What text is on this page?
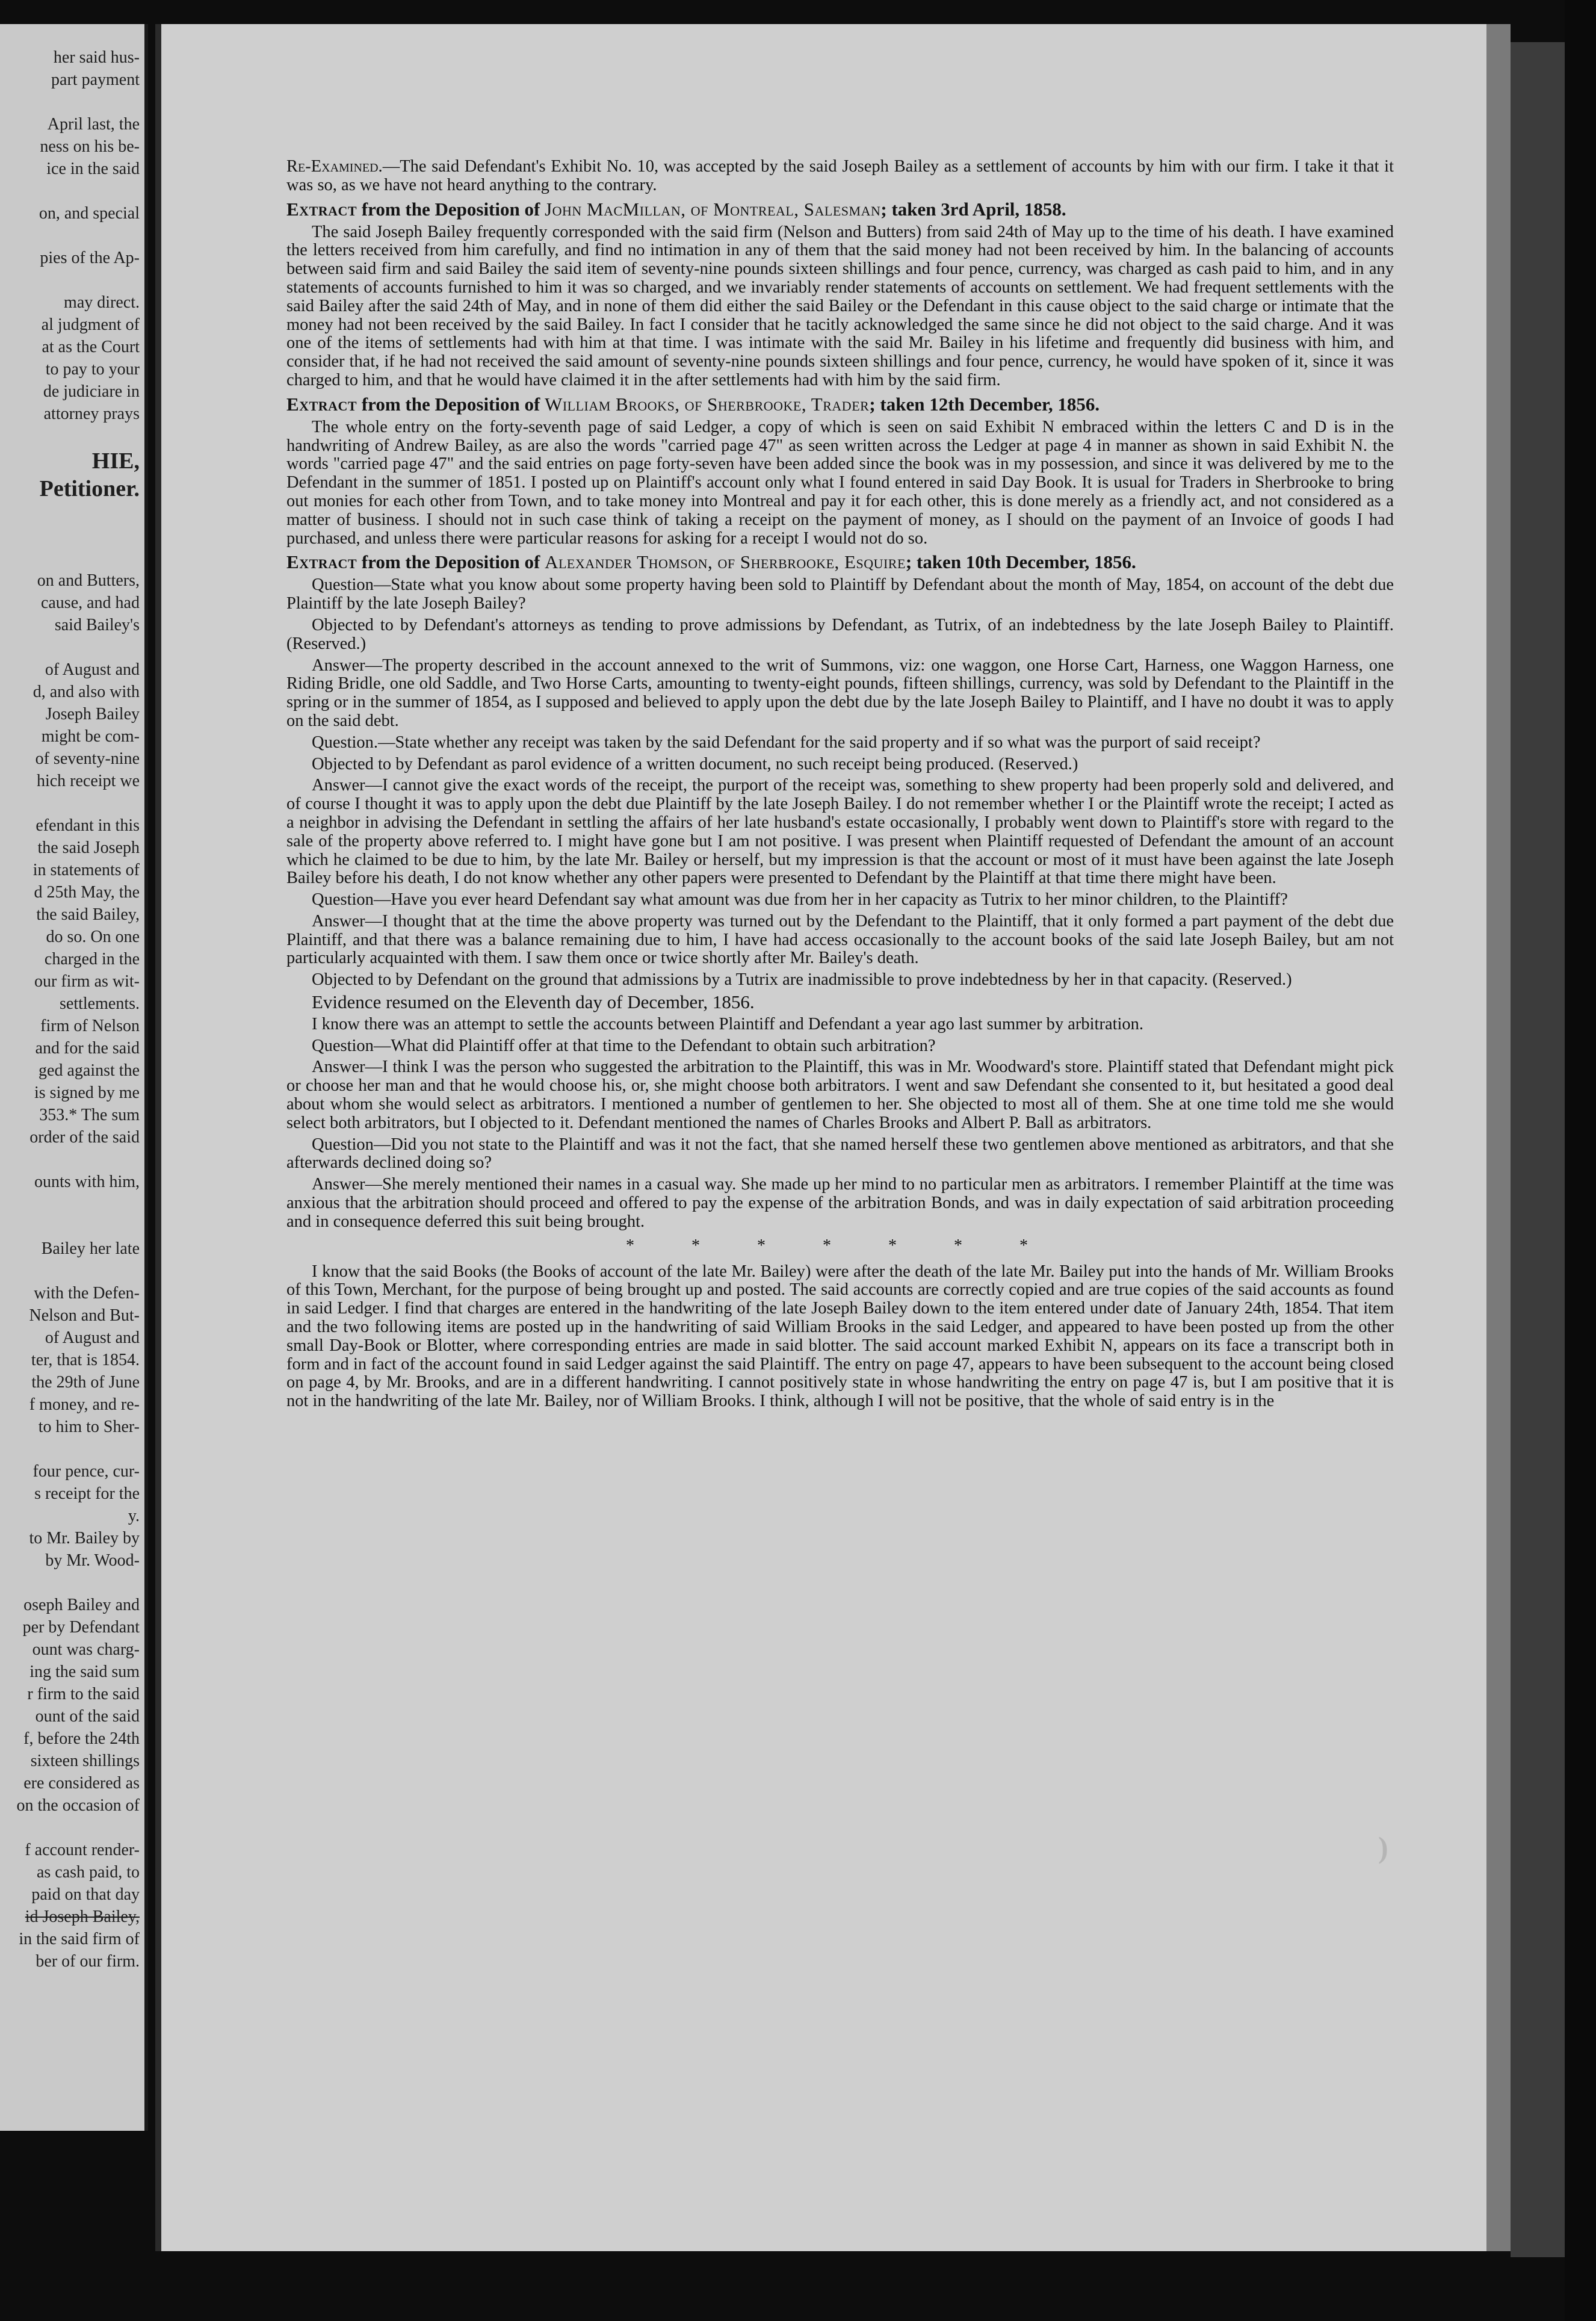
her said hus-
part payment
April last, the
ness on his be-
ice in the said
on, and special
pies of the Ap-
may direct.
al judgment of
at as the Court
to pay to your
de judiciare in
attorney prays
HIE,
Petitioner.
on and Butters,
cause, and had
said Bailey's
of August and
d, and also with
Joseph Bailey
might be com-
of seventy-nine
hich receipt we
efendant in this
the said Joseph
in statements of
d 25th May, the
the said Bailey,
do so. On one
charged in the
our firm as wit-
settlements.
firm of Nelson
and for the said
ged against the
is signed by me
353.* The sum
order of the said
ounts with him,
Bailey her late
with the Defen-
Nelson and But-
of August and
ter, that is 1854.
the 29th of June
f money, and re-
to him to Sher-
four pence, cur-
s receipt for the
y.
to Mr. Bailey by
by Mr. Wood-
oseph Bailey and
per by Defendant
ount was charg-
ing the said sum
r firm to the said
ount of the said
f, before the 24th
sixteen shillings
ere considered as
on the occasion of
f account render-
as cash paid, to
paid on that day
id Joseph Bailey,
in the said firm of
ber of our firm.

Re-Examined.—The said Defendant's Exhibit No. 10, was accepted by the said Joseph Bailey as a settlement of accounts by him with our firm. I take it that it was so, as we have not heard anything to the contrary.

Extract from the Deposition of John MacMillan, of Montreal, Salesman; taken 3rd April, 1858.

The said Joseph Bailey frequently corresponded with the said firm (Nelson and Butters) from said 24th of May up to the time of his death. I have examined the letters received from him carefully, and find no intimation in any of them that the said money had not been received by him. In the balancing of accounts between said firm and said Bailey the said item of seventy-nine pounds sixteen shillings and four pence, currency, was charged as cash paid to him, and in any statements of accounts furnished to him it was so charged, and we invariably render statements of accounts on settlement. We had frequent settlements with the said Bailey after the said 24th of May, and in none of them did either the said Bailey or the Defendant in this cause object to the said charge or intimate that the money had not been received by the said Bailey. In fact I consider that he tacitly acknowledged the same since he did not object to the said charge. And it was one of the items of settlements had with him at that time. I was intimate with the said Mr. Bailey in his lifetime and frequently did business with him, and consider that, if he had not received the said amount of seventy-nine pounds sixteen shillings and four pence, currency, he would have spoken of it, since it was charged to him, and that he would have claimed it in the after settlements had with him by the said firm.

Extract from the Deposition of William Brooks, of Sherbrooke, Trader; taken 12th December, 1856.

The whole entry on the forty-seventh page of said Ledger, a copy of which is seen on said Exhibit N embraced within the letters C and D is in the handwriting of Andrew Bailey, as are also the words "carried page 47" as seen written across the Ledger at page 4 in manner as shown in said Exhibit N. the words "carried page 47" and the said entries on page forty-seven have been added since the book was in my possession, and since it was delivered by me to the Defendant in the summer of 1851. I posted up on Plaintiff's account only what I found entered in said Day Book. It is usual for Traders in Sherbrooke to bring out monies for each other from Town, and to take money into Montreal and pay it for each other, this is done merely as a friendly act, and not considered as a matter of business. I should not in such case think of taking a receipt on the payment of money, as I should on the payment of an Invoice of goods I had purchased, and unless there were particular reasons for asking for a receipt I would not do so.

Extract from the Deposition of Alexander Thomson, of Sherbrooke, Esquire; taken 10th December, 1856.

Question—State what you know about some property having been sold to Plaintiff by Defendant about the month of May, 1854, on account of the debt due Plaintiff by the late Joseph Bailey?

Objected to by Defendant's attorneys as tending to prove admissions by Defendant, as Tutrix, of an indebtedness by the late Joseph Bailey to Plaintiff. (Reserved.)

Answer—The property described in the account annexed to the writ of Summons, viz: one waggon, one Horse Cart, Harness, one Waggon Harness, one Riding Bridle, one old Saddle, and Two Horse Carts, amounting to twenty-eight pounds, fifteen shillings, currency, was sold by Defendant to the Plaintiff in the spring or in the summer of 1854, as I supposed and believed to apply upon the debt due by the late Joseph Bailey to Plaintiff, and I have no doubt it was to apply on the said debt.

Question.—State whether any receipt was taken by the said Defendant for the said property and if so what was the purport of said receipt?

Objected to by Defendant as parol evidence of a written document, no such receipt being produced. (Reserved.)

Answer—I cannot give the exact words of the receipt, the purport of the receipt was, something to shew property had been properly sold and delivered, and of course I thought it was to apply upon the debt due Plaintiff by the late Joseph Bailey. I do not remember whether I or the Plaintiff wrote the receipt; I acted as a neighbor in advising the Defendant in settling the affairs of her late husband's estate occasionally, I probably went down to Plaintiff's store with regard to the sale of the property above referred to. I might have gone but I am not positive. I was present when Plaintiff requested of Defendant the amount of an account which he claimed to be due to him, by the late Mr. Bailey or herself, but my impression is that the account or most of it must have been against the late Joseph Bailey before his death, I do not know whether any other papers were presented to Defendant by the Plaintiff at that time there might have been.

Question—Have you ever heard Defendant say what amount was due from her in her capacity as Tutrix to her minor children, to the Plaintiff?

Answer—I thought that at the time the above property was turned out by the Defendant to the Plaintiff, that it only formed a part payment of the debt due Plaintiff, and that there was a balance remaining due to him, I have had access occasionally to the account books of the said late Joseph Bailey, but am not particularly acquainted with them. I saw them once or twice shortly after Mr. Bailey's death.

Objected to by Defendant on the ground that admissions by a Tutrix are inadmissible to prove indebtedness by her in that capacity. (Reserved.)

Evidence resumed on the Eleventh day of December, 1856.

I know there was an attempt to settle the accounts between Plaintiff and Defendant a year ago last summer by arbitration.

Question—What did Plaintiff offer at that time to the Defendant to obtain such arbitration?

Answer—I think I was the person who suggested the arbitration to the Plaintiff, this was in Mr. Woodward's store. Plaintiff stated that Defendant might pick or choose her man and that he would choose his, or, she might choose both arbitrators. I went and saw Defendant she consented to it, but hesitated a good deal about whom she would select as arbitrators. I mentioned a number of gentlemen to her. She objected to most all of them. She at one time told me she would select both arbitrators, but I objected to it. Defendant mentioned the names of Charles Brooks and Albert P. Ball as arbitrators.

Question—Did you not state to the Plaintiff and was it not the fact, that she named herself these two gentlemen above mentioned as arbitrators, and that she afterwards declined doing so?

Answer—She merely mentioned their names in a casual way. She made up her mind to no particular men as arbitrators. I remember Plaintiff at the time was anxious that the arbitration should proceed and offered to pay the expense of the arbitration Bonds, and was in daily expectation of said arbitration proceeding and in consequence deferred this suit being brought.

* * * * * * *

I know that the said Books (the Books of account of the late Mr. Bailey) were after the death of the late Mr. Bailey put into the hands of Mr. William Brooks of this Town, Merchant, for the purpose of being brought up and posted. The said accounts are correctly copied and are true copies of the said accounts as found in said Ledger. I find that charges are entered in the handwriting of the late Joseph Bailey down to the item entered under date of January 24th, 1854. That item and the two following items are posted up in the handwriting of said William Brooks in the said Ledger, and appeared to have been posted up from the other small Day-Book or Blotter, where corresponding entries are made in said blotter. The said account marked Exhibit N, appears on its face a transcript both in form and in fact of the account found in said Ledger against the said Plaintiff. The entry on page 47, appears to have been subsequent to the account being closed on page 4, by Mr. Brooks, and are in a different handwriting. I cannot positively state in whose handwriting the entry on page 47 is, but I am positive that it is not in the handwriting of the late Mr. Bailey, nor of William Brooks. I think, although I will not be positive, that the whole of said entry is in the

)
